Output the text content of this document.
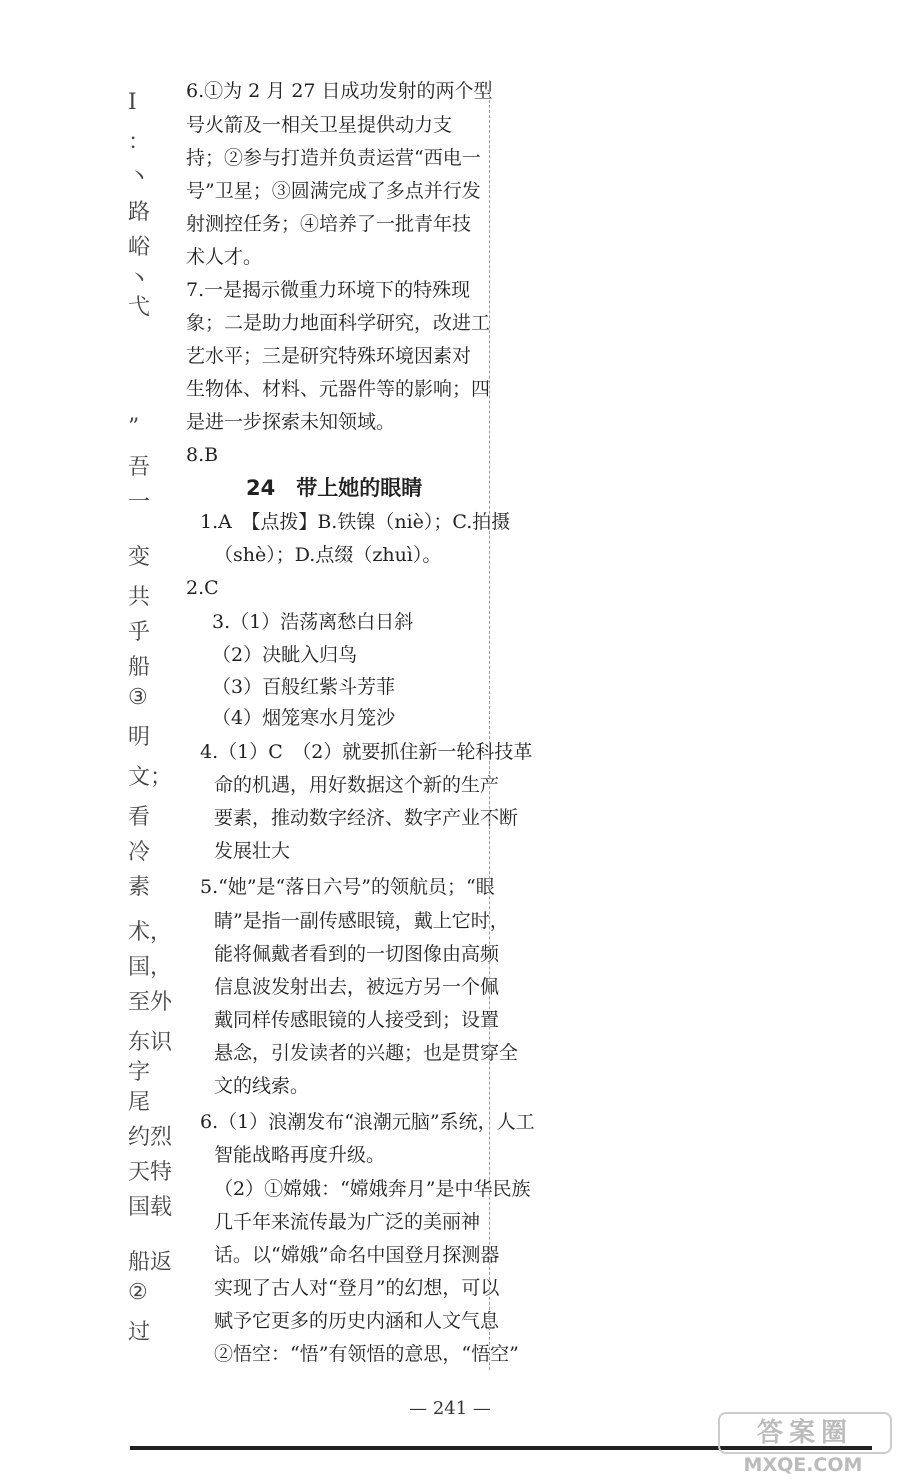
Ⅰ
：
丶
路
峪
丶
弋
”
吾
一
变
共
乎
船
③
明
文；
看
冷
素
术，
国，
至外
东识
字
尾
约烈
天特
国载
船返
②
过
6.①为 2 月 27 日成功发射的两个型
号火箭及一相关卫星提供动力支
持；②参与打造并负责运营“西电一
号”卫星；③圆满完成了多点并行发
射测控任务；④培养了一批青年技
术人才。
7.一是揭示微重力环境下的特殊现
象；二是助力地面科学研究，改进工
艺水平；三是研究特殊环境因素对
生物体、材料、元器件等的影响；四
是进一步探索未知领域。
8.B
24　带上她的眼睛
1.A　【点拨】B.铁镍（niè）；C.拍摄
（shè）；D.点缀（zhuì）。
2.C
3.（1）浩荡离愁白日斜
（2）决眦入归鸟
（3）百般红紫斗芳菲
（4）烟笼寒水月笼沙
4.（1）C　（2）就要抓住新一轮科技革
命的机遇，用好数据这个新的生产
要素，推动数字经济、数字产业不断
发展壮大
5.“她”是“落日六号”的领航员；“眼
睛”是指一副传感眼镜，戴上它时，
能将佩戴者看到的一切图像由高频
信息波发射出去，被远方另一个佩
戴同样传感眼镜的人接受到；设置
悬念，引发读者的兴趣；也是贯穿全
文的线索。
6.（1）浪潮发布“浪潮元脑”系统，人工
智能战略再度升级。
（2）①嫦娥：“嫦娥奔月”是中华民族
几千年来流传最为广泛的美丽神
话。以“嫦娥”命名中国登月探测器
实现了古人对“登月”的幻想，可以
赋予它更多的历史内涵和人文气息
②悟空：“悟”有领悟的意思，“悟空”
— 241 —
答案圈
MXQE.COM
